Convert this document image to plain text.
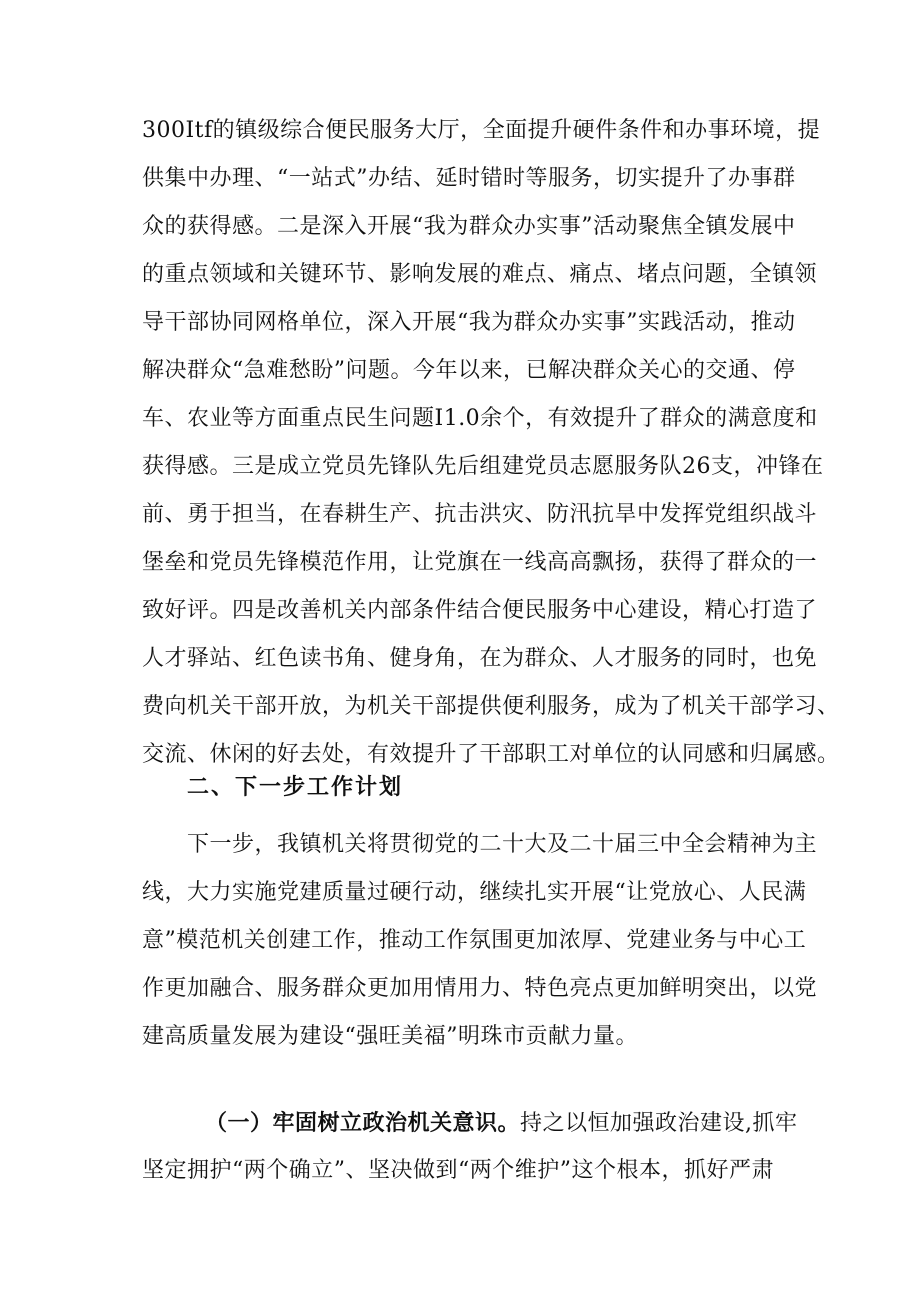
300Itf的镇级综合便民服务大厅，全面提升硬件条件和办事环境，提
供集中办理、“一站式”办结、延时错时等服务，切实提升了办事群
众的获得感。二是深入开展“我为群众办实事”活动聚焦全镇发展中
的重点领域和关键环节、影响发展的难点、痛点、堵点问题，全镇领
导干部协同网格单位，深入开展“我为群众办实事”实践活动，推动
解决群众“急难愁盼”问题。今年以来，已解决群众关心的交通、停
车、农业等方面重点民生问题I1.0余个，有效提升了群众的满意度和
获得感。三是成立党员先锋队先后组建党员志愿服务队26支，冲锋在
前、勇于担当，在春耕生产、抗击洪灾、防汛抗旱中发挥党组织战斗
堡垒和党员先锋模范作用，让党旗在一线高高飘扬，获得了群众的一
致好评。四是改善机关内部条件结合便民服务中心建设，精心打造了
人才驿站、红色读书角、健身角，在为群众、人才服务的同时，也免
费向机关干部开放，为机关干部提供便利服务，成为了机关干部学习、
交流、休闲的好去处，有效提升了干部职工对单位的认同感和归属感。
二、下一步工作计划
下一步，我镇机关将贯彻党的二十大及二十届三中全会精神为主
线，大力实施党建质量过硬行动，继续扎实开展“让党放心、人民满
意”模范机关创建工作，推动工作氛围更加浓厚、党建业务与中心工
作更加融合、服务群众更加用情用力、特色亮点更加鲜明突出，以党
建高质量发展为建设“强旺美福”明珠市贡献力量。
（一）牢固树立政治机关意识。持之以恒加强政治建设,抓牢
坚定拥护“两个确立”、坚决做到“两个维护”这个根本，抓好严肃
